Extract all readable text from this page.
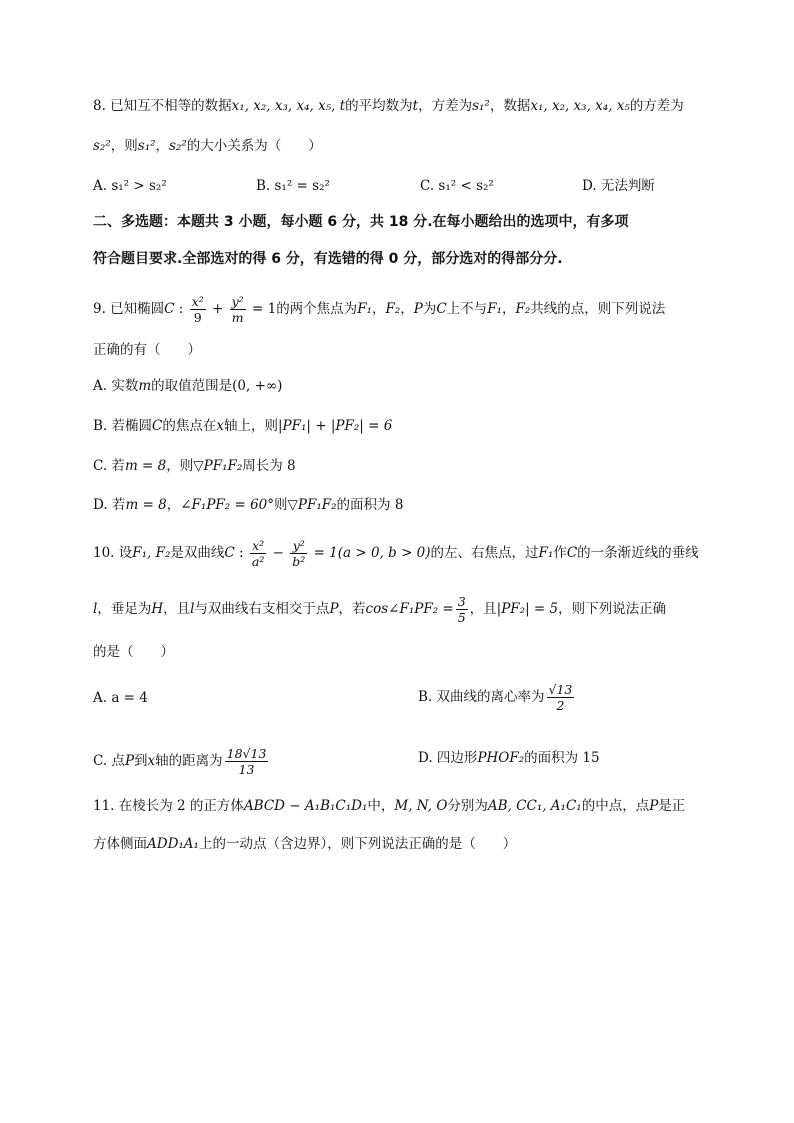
8. 已知互不相等的数据x₁, x₂, x₃, x₄, x₅, t的平均数为t，方差为s₁²，数据x₁, x₂, x₃, x₄, x₅的方差为
s₂²，则s₁²，s₂²的大小关系为（　　）
A. s₁² > s₂²	B. s₁² = s₂²	C. s₁² < s₂²	D. 无法判断
二、多选题：本题共 3 小题，每小题 6 分，共 18 分.在每小题给出的选项中，有多项
符合题目要求.全部选对的得 6 分，有选错的得 0 分，部分选对的得部分分.
9. 已知椭圆C : $\frac{\text{x²}}{9} + \frac{\text{y²}}{m} = 1$的两个焦点为F₁，F₂，P为C上不与F₁，F₂共线的点，则下列说法
正确的有（　　）
A. 实数m的取值范围是(0, +∞)
B. 若椭圆C的焦点在x轴上，则|PF₁| + |PF₂| = 6
C. 若m = 8，则▽PF₁F₂周长为 8
D. 若m = 8，∠F₁PF₂ = 60°则▽PF₁F₂的面积为 8
10. 设F₁, F₂是双曲线C : $\frac{\text{x²}}{\text{a²}} - \frac{\text{y²}}{\text{b²}} = 1(a > 0$, b > 0)的左、右焦点，过F₁作C的一条渐近线的垂线
l，垂足为H，且l与双曲线右支相交于点P，若cos∠F₁PF₂ = $\frac{3}{5}$ ，且|PF₂| = 5，则下列说法正确
的是（　　）
A. a = 4	B. 双曲线的离心率为 $\frac{√13}{2}$
C. 点P到x轴的距离为 $\frac{18√13}{13}$	D. 四边形PHOF₂的面积为 15
11. 在棱长为 2 的正方体ABCD − A₁B₁C₁D₁中，M, N, O分别为AB, CC₁, A₁C₁的中点，点P是正
方体侧面ADD₁A₁上的一动点（含边界），则下列说法正确的是（　　）
